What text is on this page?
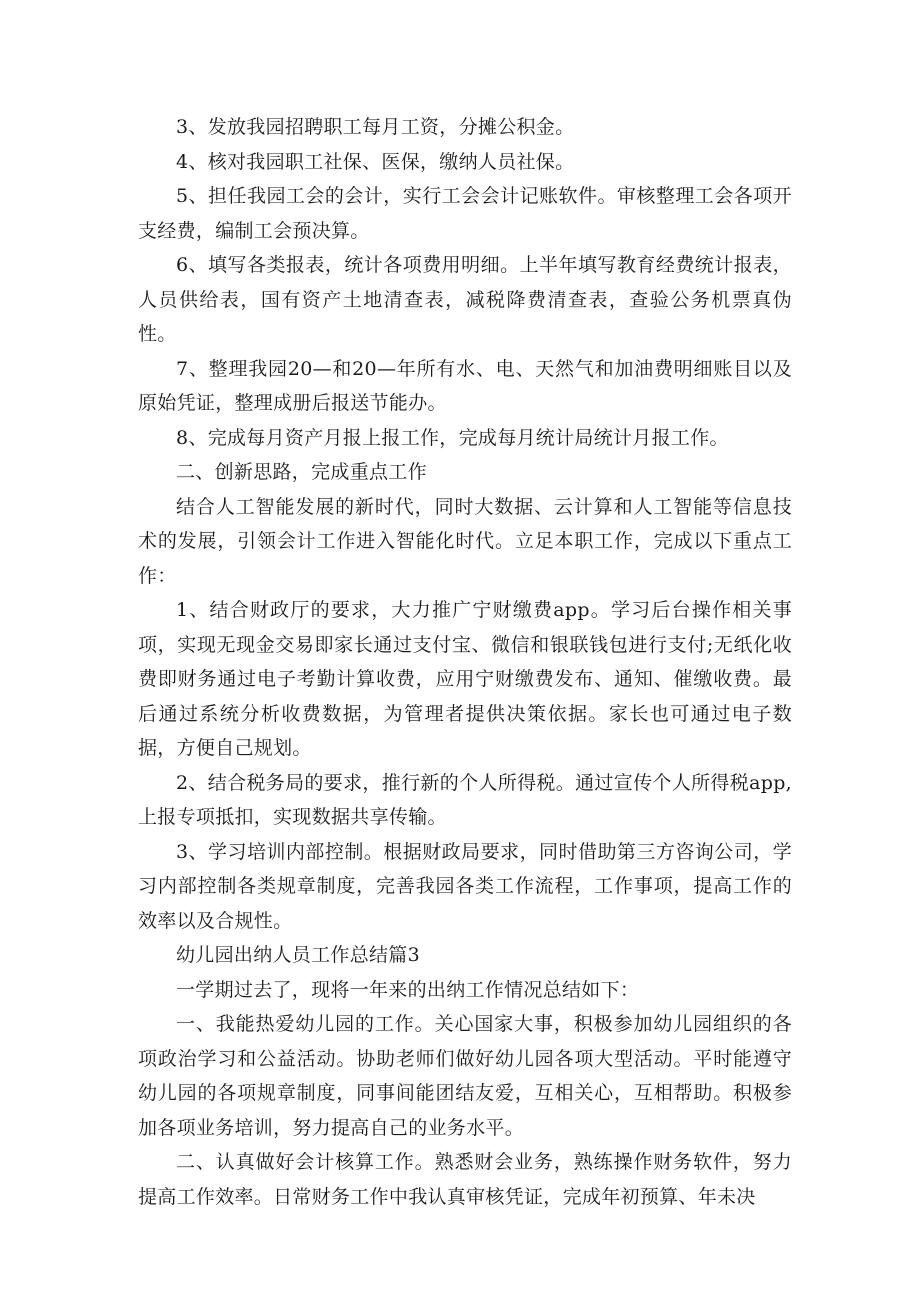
3、发放我园招聘职工每月工资，分摊公积金。

4、核对我园职工社保、医保，缴纳人员社保。

5、担任我园工会的会计，实行工会会计记账软件。审核整理工会各项开支经费，编制工会预决算。

6、填写各类报表，统计各项费用明细。上半年填写教育经费统计报表，人员供给表，国有资产土地清查表，减税降费清查表，查验公务机票真伪性。

7、整理我园20—和20—年所有水、电、天然气和加油费明细账目以及原始凭证，整理成册后报送节能办。

8、完成每月资产月报上报工作，完成每月统计局统计月报工作。

二、创新思路，完成重点工作

结合人工智能发展的新时代，同时大数据、云计算和人工智能等信息技术的发展，引领会计工作进入智能化时代。立足本职工作，完成以下重点工作：

1、结合财政厅的要求，大力推广宁财缴费app。学习后台操作相关事项，实现无现金交易即家长通过支付宝、微信和银联钱包进行支付;无纸化收费即财务通过电子考勤计算收费，应用宁财缴费发布、通知、催缴收费。最后通过系统分析收费数据，为管理者提供决策依据。家长也可通过电子数据，方便自己规划。

2、结合税务局的要求，推行新的个人所得税。通过宣传个人所得税app,上报专项抵扣，实现数据共享传输。

3、学习培训内部控制。根据财政局要求，同时借助第三方咨询公司，学习内部控制各类规章制度，完善我园各类工作流程，工作事项，提高工作的效率以及合规性。

幼儿园出纳人员工作总结篇3

一学期过去了，现将一年来的出纳工作情况总结如下：

一、我能热爱幼儿园的工作。关心国家大事，积极参加幼儿园组织的各项政治学习和公益活动。协助老师们做好幼儿园各项大型活动。平时能遵守幼儿园的各项规章制度，同事间能团结友爱，互相关心，互相帮助。积极参加各项业务培训，努力提高自己的业务水平。

二、认真做好会计核算工作。熟悉财会业务，熟练操作财务软件，努力提高工作效率。日常财务工作中我认真审核凭证，完成年初预算、年未决
